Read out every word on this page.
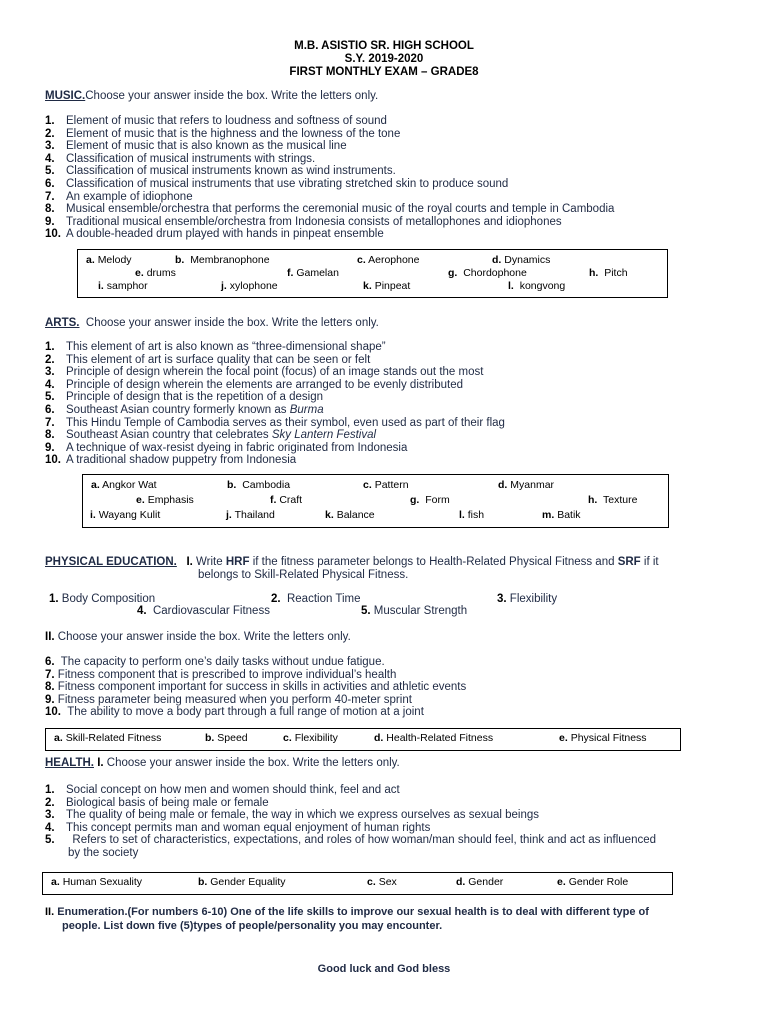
M.B. ASISTIO SR. HIGH SCHOOL
S.Y. 2019-2020
FIRST MONTHLY EXAM – GRADE8
MUSIC.Choose your answer inside the box. Write the letters only.
1. Element of music that refers to loudness and softness of sound
2. Element of music that is the highness and the lowness of the tone
3. Element of music that is also known as the musical line
4. Classification of musical instruments with strings.
5. Classification of musical instruments known as wind instruments.
6. Classification of musical instruments that use vibrating stretched skin to produce sound
7. An example of idiophone
8. Musical ensemble/orchestra that performs the ceremonial music of the royal courts and temple in Cambodia
9. Traditional musical ensemble/orchestra from Indonesia consists of metallophones and idiophones
10. A double-headed drum played with hands in pinpeat ensemble
a. Melody	b. Membranophone	c. Aerophone	d. Dynamics
e. drums	f. Gamelan	g. Chordophone	h. Pitch
i. samphor	j. xylophone	k. Pinpeat	l. kongvong
ARTS. Choose your answer inside the box. Write the letters only.
1. This element of art is also known as “three-dimensional shape”
2. This element of art is surface quality that can be seen or felt
3. Principle of design wherein the focal point (focus) of an image stands out the most
4. Principle of design wherein the elements are arranged to be evenly distributed
5. Principle of design that is the repetition of a design
6. Southeast Asian country formerly known as Burma
7. This Hindu Temple of Cambodia serves as their symbol, even used as part of their flag
8. Southeast Asian country that celebrates Sky Lantern Festival
9. A technique of wax-resist dyeing in fabric originated from Indonesia
10. A traditional shadow puppetry from Indonesia
a. Angkor Wat	b. Cambodia	c. Pattern	d. Myanmar
e. Emphasis	f. Craft	g. Form	h. Texture
i. Wayang Kulit	j. Thailand	k. Balance	l. fish	m. Batik
PHYSICAL EDUCATION. I. Write HRF if the fitness parameter belongs to Health-Related Physical Fitness and SRF if it
belongs to Skill-Related Physical Fitness.
1. Body Composition	2. Reaction Time	3. Flexibility
4. Cardiovascular Fitness	5. Muscular Strength
II. Choose your answer inside the box. Write the letters only.
6. The capacity to perform one’s daily tasks without undue fatigue.
7. Fitness component that is prescribed to improve individual’s health
8. Fitness component important for success in skills in activities and athletic events
9. Fitness parameter being measured when you perform 40-meter sprint
10. The ability to move a body part through a full range of motion at a joint
a. Skill-Related Fitness	b. Speed	c. Flexibility	d. Health-Related Fitness	e. Physical Fitness
HEALTH. I. Choose your answer inside the box. Write the letters only.
1. Social concept on how men and women should think, feel and act
2. Biological basis of being male or female
3. The quality of being male or female, the way in which we express ourselves as sexual beings
4. This concept permits man and woman equal enjoyment of human rights
5. Refers to set of characteristics, expectations, and roles of how woman/man should feel, think and act as influenced
by the society
a. Human Sexuality	b. Gender Equality	c. Sex	d. Gender	e. Gender Role
II. Enumeration.(For numbers 6-10) One of the life skills to improve our sexual health is to deal with different type of
people. List down five (5)types of people/personality you may encounter.
Good luck and God bless
